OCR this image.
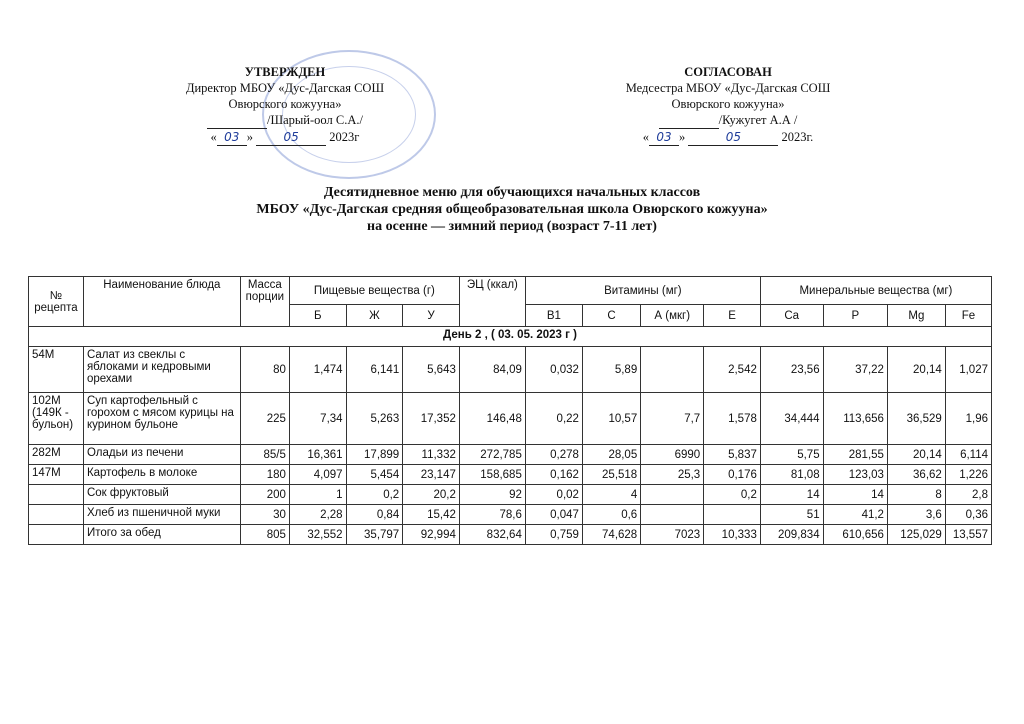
УТВЕРЖДЕН
Директор МБОУ «Дус-Дагская СОШ
Овюрского кожууна»
/Шарый-оол С.А./
« 03 » 05 2023г
СОГЛАСОВАН
Медсестра МБОУ «Дус-Дагская СОШ
Овюрского кожууна»
/Кужугет А.А /
« 03 »	05	2023г.
Десятидневное меню для обучающихся начальных классов
МБОУ «Дус-Дагская средняя общеобразовательная школа Овюрского кожууна»
на осенне — зимний период (возраст 7-11 лет)
№ рецепта	Наименование блюда	Масса порции	Пищевые вещества (г)			ЭЦ (ккал)	Витамины (мг)				Минеральные вещества (мг)			
			Б	Ж	У		В1	С	А (мкг)	Е	Ca	P	Mg	Fe
День 2 , ( 03. 05. 2023 г )														
54М	Салат из свеклы с яблоками и кедровыми орехами	80	1,474	6,141	5,643	84,09	0,032	5,89		2,542	23,56	37,22	20,14	1,027
102М (149К - бульон)	Суп картофельный с горохом с мясом курицы на курином бульоне	225	7,34	5,263	17,352	146,48	0,22	10,57	7,7	1,578	34,444	113,656	36,529	1,96
282М	Оладьи из печени	85/5	16,361	17,899	11,332	272,785	0,278	28,05	6990	5,837	5,75	281,55	20,14	6,114
147М	Картофель в молоке	180	4,097	5,454	23,147	158,685	0,162	25,518	25,3	0,176	81,08	123,03	36,62	1,226
	Сок фруктовый	200	1	0,2	20,2	92	0,02	4		0,2	14	14	8	2,8
	Хлеб из пшеничной муки	30	2,28	0,84	15,42	78,6	0,047	0,6			51	41,2	3,6	0,36
	Итого за обед	805	32,552	35,797	92,994	832,64	0,759	74,628	7023	10,333	209,834	610,656	125,029	13,557
